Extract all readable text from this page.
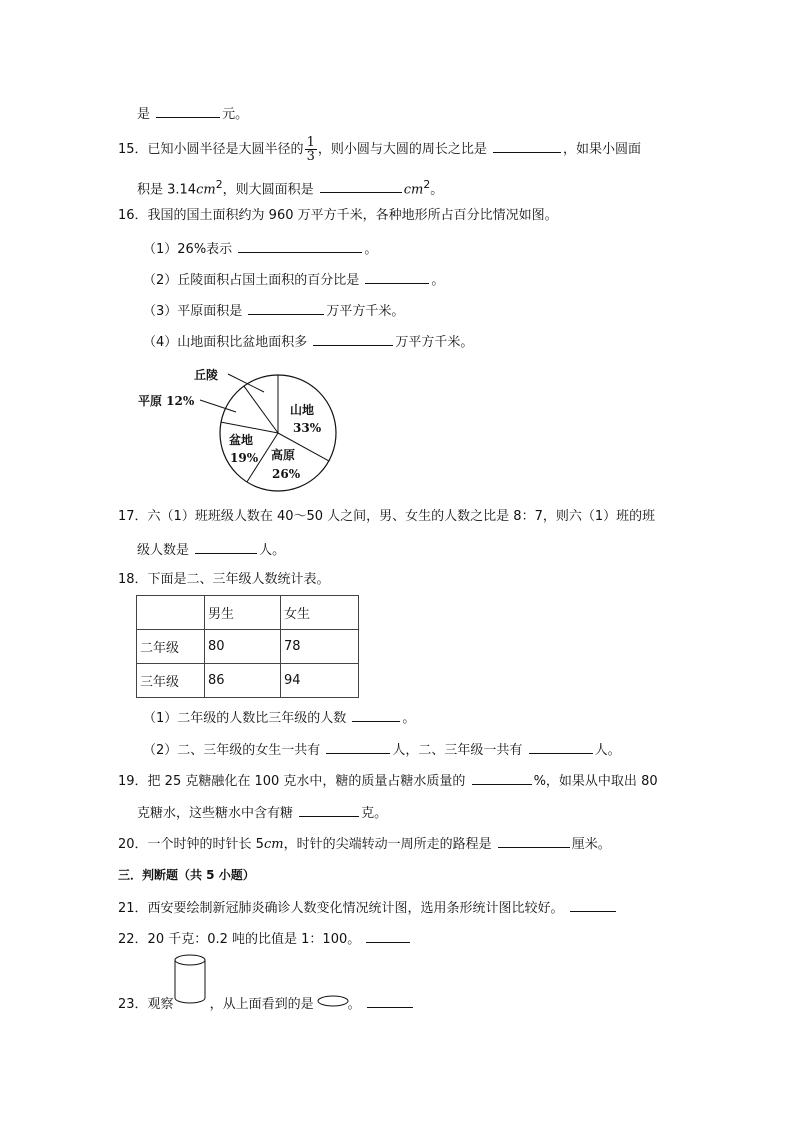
是	元。
15．已知小圆半径是大圆半径的 $\frac{1}{3}$ ，则小圆与大圆的周长之比是	，如果小圆面
积是 $3.14cm^2$，则大圆面积是	$cm^2$。
16．我国的国土面积约为 960 万平方千米，各种地形所占百分比情况如图。
（1）26%表示	。
（2）丘陵面积占国土面积的百分比是	。
（3）平原面积是	万平方千米。
（4）山地面积比盆地面积多	万平方千米。
丘陵
平原 12%
山地
33%
高原
26%
盆地
19%
17．六（1）班班级人数在 40～50 人之间，男、女生的人数之比是 8：7，则六（1）班的班
级人数是	人。
18．下面是二、三年级人数统计表。
	男生	女生
二年级	80	78
三年级	86	94
（1）二年级的人数比三年级的人数	。
（2）二、三年级的女生一共有	人，二、三年级一共有	人。
19．把 25 克糖融化在 100 克水中，糖的质量占糖水质量的	%，如果从中取出 80
克糖水，这些糖水中含有糖	克。
20．一个时钟的时针长 5cm，时针的尖端转动一周所走的路程是	厘米。
三．判断题（共 5 小题）
21．西安要绘制新冠肺炎确诊人数变化情况统计图，选用条形统计图比较好。
22．20 千克：0.2 吨的比值是 1：100。
23．观察	，从上面看到的是	。
